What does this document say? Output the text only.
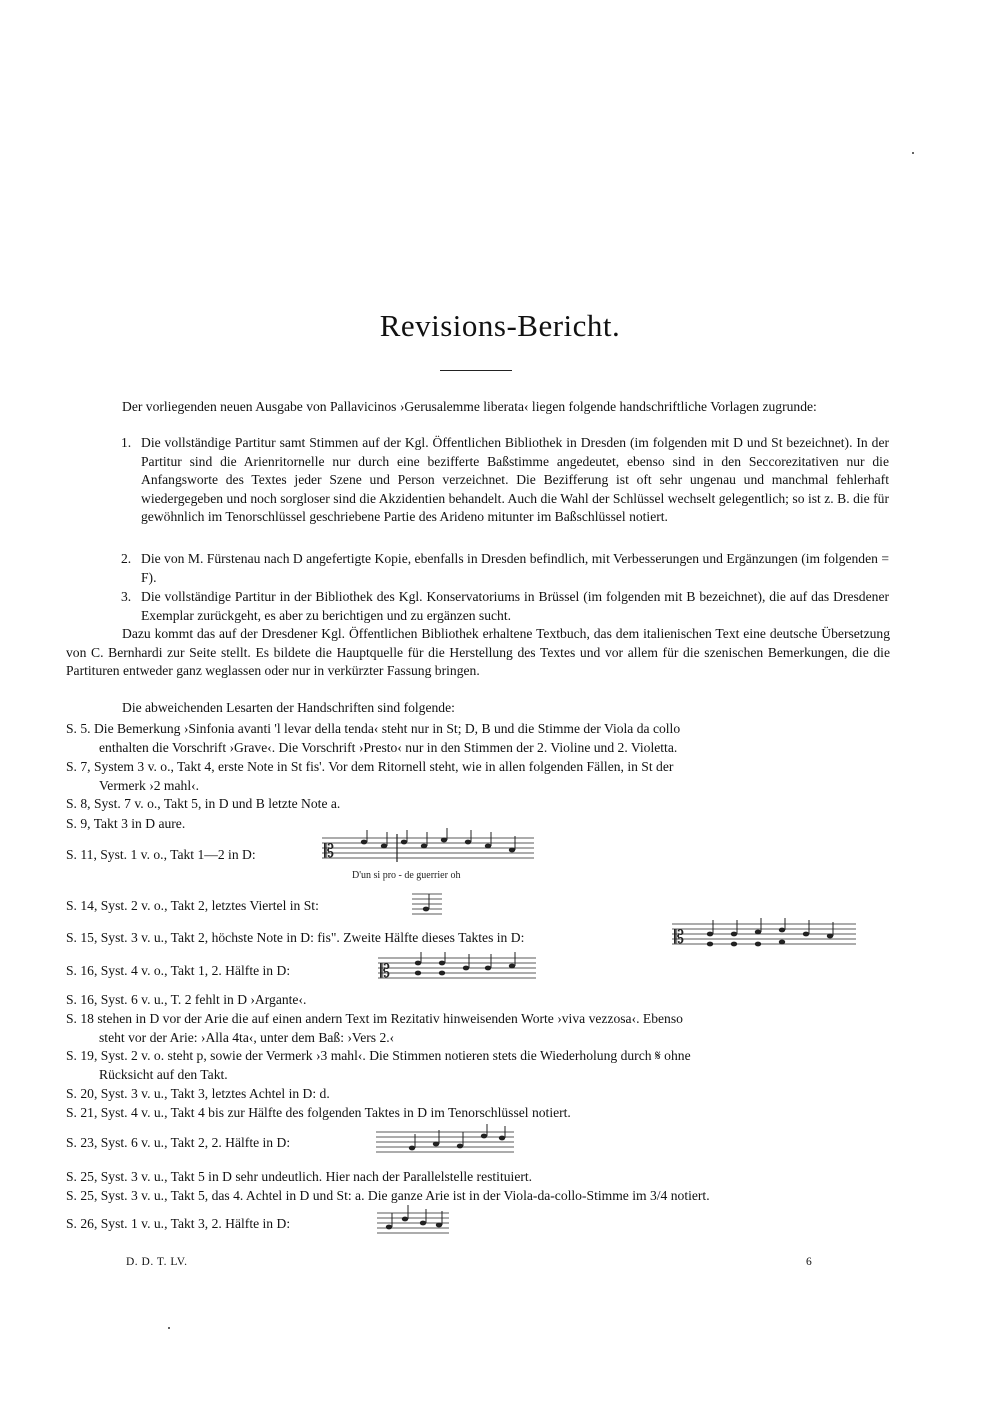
Revisions-Bericht.
Der vorliegenden neuen Ausgabe von Pallavicinos ›Gerusalemme liberata‹ liegen folgende handschriftliche Vorlagen zugrunde:
1. Die vollständige Partitur samt Stimmen auf der Kgl. Öffentlichen Bibliothek in Dresden (im folgenden mit D und St bezeichnet). In der Partitur sind die Arienritornelle nur durch eine bezifferte Baßstimme angedeutet, ebenso sind in den Seccorezitativen nur die Anfangsworte des Textes jeder Szene und Person verzeichnet. Die Bezifferung ist oft sehr ungenau und manchmal fehlerhaft wiedergegeben und noch sorgloser sind die Akzidentien behandelt. Auch die Wahl der Schlüssel wechselt gelegentlich; so ist z. B. die für gewöhnlich im Tenorschlüssel geschriebene Partie des Arideno mitunter im Baßschlüssel notiert.
2. Die von M. Fürstenau nach D angefertigte Kopie, ebenfalls in Dresden befindlich, mit Verbesserungen und Ergänzungen (im folgenden = F).
3. Die vollständige Partitur in der Bibliothek des Kgl. Konservatoriums in Brüssel (im folgenden mit B bezeichnet), die auf das Dresdener Exemplar zurückgeht, es aber zu berichtigen und zu ergänzen sucht.
Dazu kommt das auf der Dresdener Kgl. Öffentlichen Bibliothek erhaltene Textbuch, das dem italienischen Text eine deutsche Übersetzung von C. Bernhardi zur Seite stellt. Es bildete die Hauptquelle für die Herstellung des Textes und vor allem für die szenischen Bemerkungen, die die Partituren entweder ganz weglassen oder nur in verkürzter Fassung bringen.
Die abweichenden Lesarten der Handschriften sind folgende:
S. 5. Die Bemerkung ›Sinfonia avanti 'l levar della tenda‹ steht nur in St; D, B und die Stimme der Viola da collo
enthalten die Vorschrift ›Grave‹. Die Vorschrift ›Presto‹ nur in den Stimmen der 2. Violine und 2. Violetta.
S. 7, System 3 v. o., Takt 4, erste Note in St fis'. Vor dem Ritornell steht, wie in allen folgenden Fällen, in St der
Vermerk ›2 mahl‹.
S. 8, Syst. 7 v. o., Takt 5, in D und B letzte Note a.
S. 9, Takt 3 in D aure.
S. 11, Syst. 1 v. o., Takt 1—2 in D:	𝄡
D'un si pro - de guerrier oh
S. 14, Syst. 2 v. o., Takt 2, letztes Viertel in St:
S. 15, Syst. 3 v. u., Takt 2, höchste Note in D: fis". Zweite Hälfte dieses Taktes in D:	𝄡
S. 16, Syst. 4 v. o., Takt 1, 2. Hälfte in D:	𝄡
S. 16, Syst. 6 v. u., T. 2 fehlt in D ›Argante‹.
S. 18 stehen in D vor der Arie die auf einen andern Text im Rezitativ hinweisenden Worte ›viva vezzosa‹. Ebenso
steht vor der Arie: ›Alla 4ta‹, unter dem Baß: ›Vers 2.‹
S. 19, Syst. 2 v. o. steht p, sowie der Vermerk ›3 mahl‹. Die Stimmen notieren stets die Wiederholung durch 𝄋 ohne
Rücksicht auf den Takt.
S. 20, Syst. 3 v. u., Takt 3, letztes Achtel in D: d.
S. 21, Syst. 4 v. u., Takt 4 bis zur Hälfte des folgenden Taktes in D im Tenorschlüssel notiert.
S. 23, Syst. 6 v. u., Takt 2, 2. Hälfte in D:
S. 25, Syst. 3 v. u., Takt 5 in D sehr undeutlich. Hier nach der Parallelstelle restituiert.
S. 25, Syst. 3 v. u., Takt 5, das 4. Achtel in D und St: a. Die ganze Arie ist in der Viola-da-collo-Stimme im 3/4 notiert.
S. 26, Syst. 1 v. u., Takt 3, 2. Hälfte in D:
D. D. T. LV.	6
